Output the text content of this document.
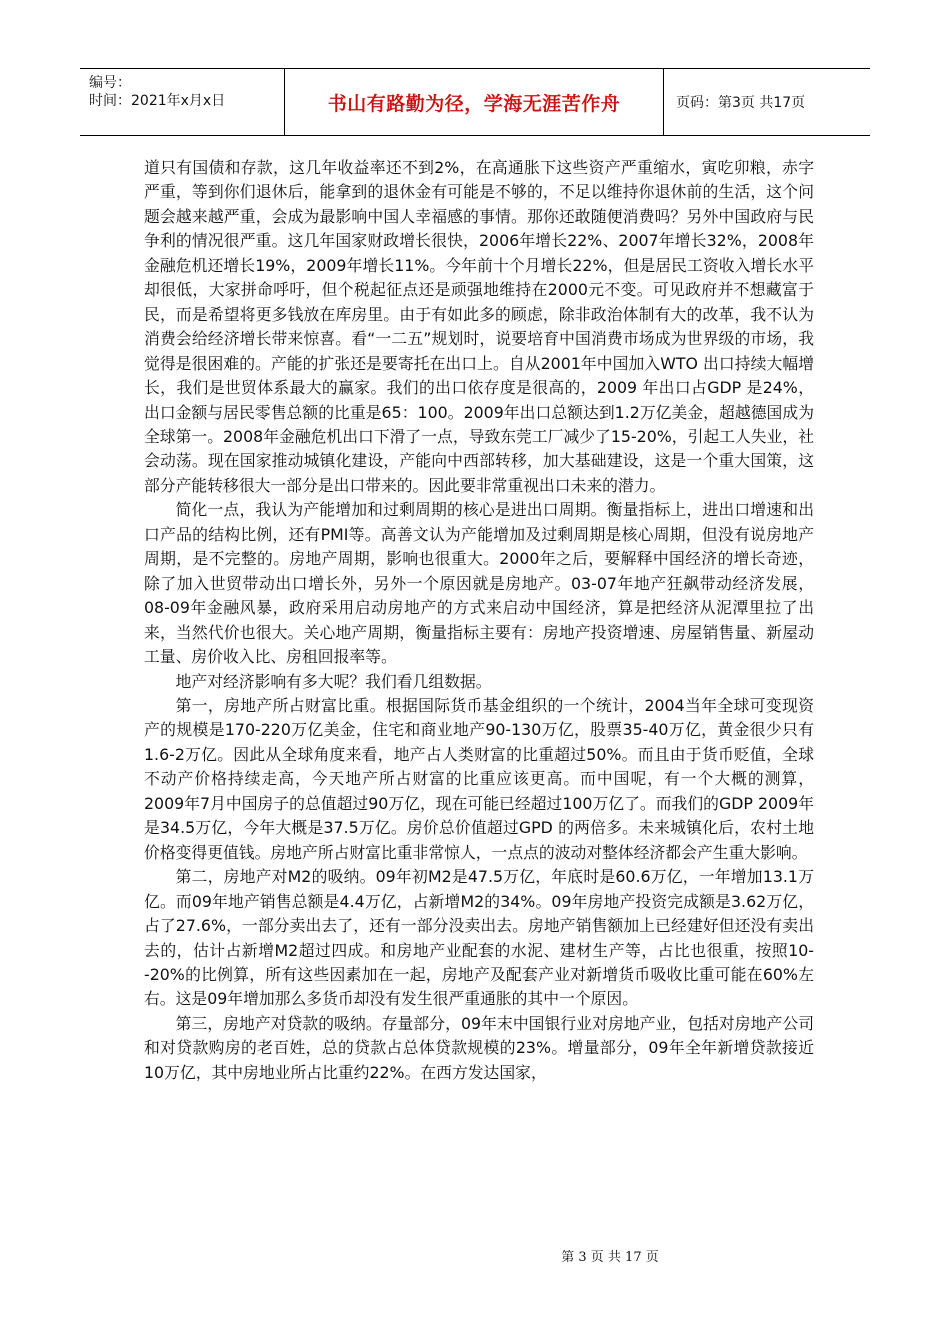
编号：
时间：2021年x月x日	书山有路勤为径，学海无涯苦作舟	页码：第3页 共17页

道只有国债和存款，这几年收益率还不到2%，在高通胀下这些资产严重缩水，寅吃卯粮，赤字严重，等到你们退休后，能拿到的退休金有可能是不够的，不足以维持你退休前的生活，这个问题会越来越严重，会成为最影响中国人幸福感的事情。那你还敢随便消费吗？另外中国政府与民争利的情况很严重。这几年国家财政增长很快，2006年增长22%、2007年增长32%，2008年金融危机还增长19%，2009年增长11%。今年前十个月增长22%，但是居民工资收入增长水平却很低，大家拼命呼吁，但个税起征点还是顽强地维持在2000元不变。可见政府并不想藏富于民，而是希望将更多钱放在库房里。由于有如此多的顾虑，除非政治体制有大的改革，我不认为消费会给经济增长带来惊喜。看“一二五”规划时，说要培育中国消费市场成为世界级的市场，我觉得是很困难的。产能的扩张还是要寄托在出口上。自从2001年中国加入WTO 出口持续大幅增长，我们是世贸体系最大的赢家。我们的出口依存度是很高的，2009 年出口占GDP 是24%，出口金额与居民零售总额的比重是65：100。2009年出口总额达到1.2万亿美金，超越德国成为全球第一。2008年金融危机出口下滑了一点，导致东莞工厂减少了15-20%，引起工人失业，社会动荡。现在国家推动城镇化建设，产能向中西部转移，加大基础建设，这是一个重大国策，这部分产能转移很大一部分是出口带来的。因此要非常重视出口未来的潜力。

简化一点，我认为产能增加和过剩周期的核心是进出口周期。衡量指标上，进出口增速和出口产品的结构比例，还有PMI等。高善文认为产能增加及过剩周期是核心周期，但没有说房地产周期，是不完整的。房地产周期，影响也很重大。2000年之后，要解释中国经济的增长奇迹，除了加入世贸带动出口增长外，另外一个原因就是房地产。03-07年地产狂飙带动经济发展，08-09年金融风暴，政府采用启动房地产的方式来启动中国经济，算是把经济从泥潭里拉了出来，当然代价也很大。关心地产周期，衡量指标主要有：房地产投资增速、房屋销售量、新屋动工量、房价收入比、房租回报率等。

地产对经济影响有多大呢？我们看几组数据。

第一，房地产所占财富比重。根据国际货币基金组织的一个统计，2004当年全球可变现资产的规模是170-220万亿美金，住宅和商业地产90-130万亿，股票35-40万亿，黄金很少只有1.6-2万亿。因此从全球角度来看，地产占人类财富的比重超过50%。而且由于货币贬值，全球不动产价格持续走高，今天地产所占财富的比重应该更高。而中国呢，有一个大概的测算，2009年7月中国房子的总值超过90万亿，现在可能已经超过100万亿了。而我们的GDP 2009年是34.5万亿，今年大概是37.5万亿。房价总价值超过GPD 的两倍多。未来城镇化后，农村土地价格变得更值钱。房地产所占财富比重非常惊人，一点点的波动对整体经济都会产生重大影响。

第二，房地产对M2的吸纳。09年初M2是47.5万亿，年底时是60.6万亿，一年增加13.1万亿。而09年地产销售总额是4.4万亿，占新增M2的34%。09年房地产投资完成额是3.62万亿，占了27.6%，一部分卖出去了，还有一部分没卖出去。房地产销售额加上已经建好但还没有卖出去的，估计占新增M2超过四成。和房地产业配套的水泥、建材生产等，占比也很重，按照10--20%的比例算，所有这些因素加在一起，房地产及配套产业对新增货币吸收比重可能在60%左右。这是09年增加那么多货币却没有发生很严重通胀的其中一个原因。

第三，房地产对贷款的吸纳。存量部分，09年末中国银行业对房地产业，包括对房地产公司和对贷款购房的老百姓，总的贷款占总体贷款规模的23%。增量部分，09年全年新增贷款接近10万亿，其中房地业所占比重约22%。在西方发达国家，

第 3 页 共 17 页
